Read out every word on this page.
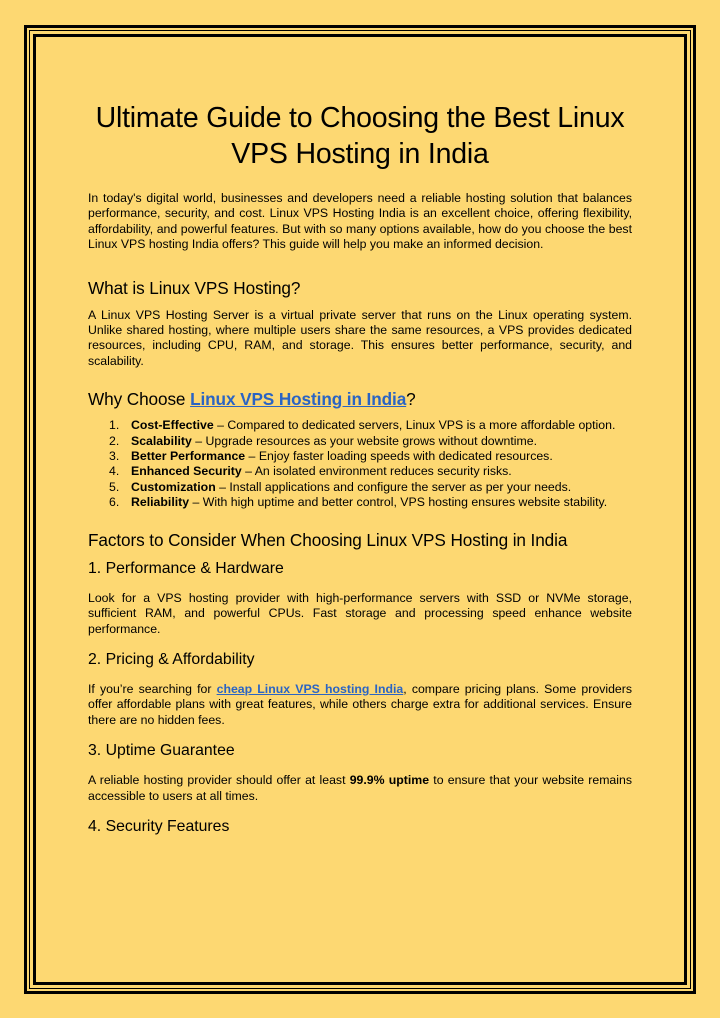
Ultimate Guide to Choosing the Best Linux VPS Hosting in India

In today's digital world, businesses and developers need a reliable hosting solution that balances performance, security, and cost. Linux VPS Hosting India is an excellent choice, offering flexibility, affordability, and powerful features. But with so many options available, how do you choose the best Linux VPS hosting India offers? This guide will help you make an informed decision.

What is Linux VPS Hosting?

A Linux VPS Hosting Server is a virtual private server that runs on the Linux operating system. Unlike shared hosting, where multiple users share the same resources, a VPS provides dedicated resources, including CPU, RAM, and storage. This ensures better performance, security, and scalability.

Why Choose Linux VPS Hosting in India?
1. Cost-Effective – Compared to dedicated servers, Linux VPS is a more affordable option.
2. Scalability – Upgrade resources as your website grows without downtime.
3. Better Performance – Enjoy faster loading speeds with dedicated resources.
4. Enhanced Security – An isolated environment reduces security risks.
5. Customization – Install applications and configure the server as per your needs.
6. Reliability – With high uptime and better control, VPS hosting ensures website stability.
Factors to Consider When Choosing Linux VPS Hosting in India
1. Performance & Hardware

Look for a VPS hosting provider with high-performance servers with SSD or NVMe storage, sufficient RAM, and powerful CPUs. Fast storage and processing speed enhance website performance.

2. Pricing & Affordability

If you’re searching for cheap Linux VPS hosting India, compare pricing plans. Some providers offer affordable plans with great features, while others charge extra for additional services. Ensure there are no hidden fees.

3. Uptime Guarantee

A reliable hosting provider should offer at least 99.9% uptime to ensure that your website remains accessible to users at all times.

4. Security Features
